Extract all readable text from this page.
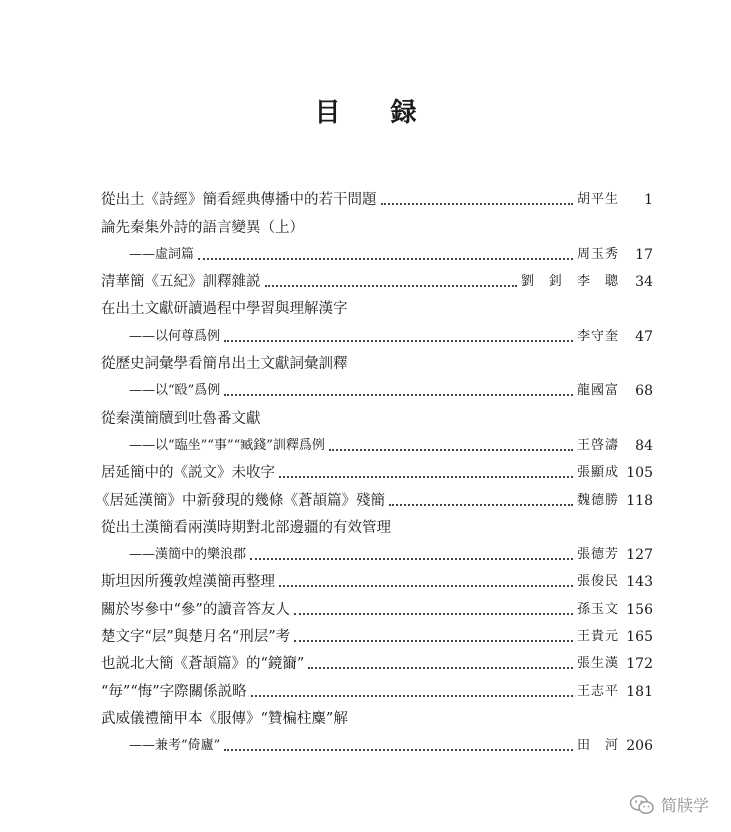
目 録
從出土《詩經》簡看經典傳播中的若干問題	胡平生	1
論先秦集外詩的語言變異（上）
——虛詞篇	周玉秀	17
清華簡《五紀》訓釋雜説	劉　釗　李　聰	34
在出土文獻研讀過程中學習與理解漢字
——以何尊爲例	李守奎	47
從歷史詞彙學看簡帛出土文獻詞彙訓釋
——以“殹”爲例	龍國富	68
從秦漢簡牘到吐魯番文獻
——以“臨坐”“事”“臧錢”訓釋爲例	王啓濤	84
居延簡中的《説文》未收字	張顯成 105
《居延漢簡》中新發現的幾條《蒼頡篇》殘簡	魏德勝 118
從出土漢簡看兩漢時期對北部邊疆的有效管理
——漢簡中的樂浪郡	張德芳 127
斯坦因所獲敦煌漢簡再整理	張俊民 143
關於岑參中“參”的讀音答友人	孫玉文 156
楚文字“层”與楚月名“刑层”考	王貴元 165
也説北大簡《蒼頡篇》的“鏡籋”	張生漢 172
“毎”“悔”字際關係説略	王志平 181
武威儀禮簡甲本《服傳》“贊楄柱麋”解
——兼考“倚廬”	田　河 206
简牍学
